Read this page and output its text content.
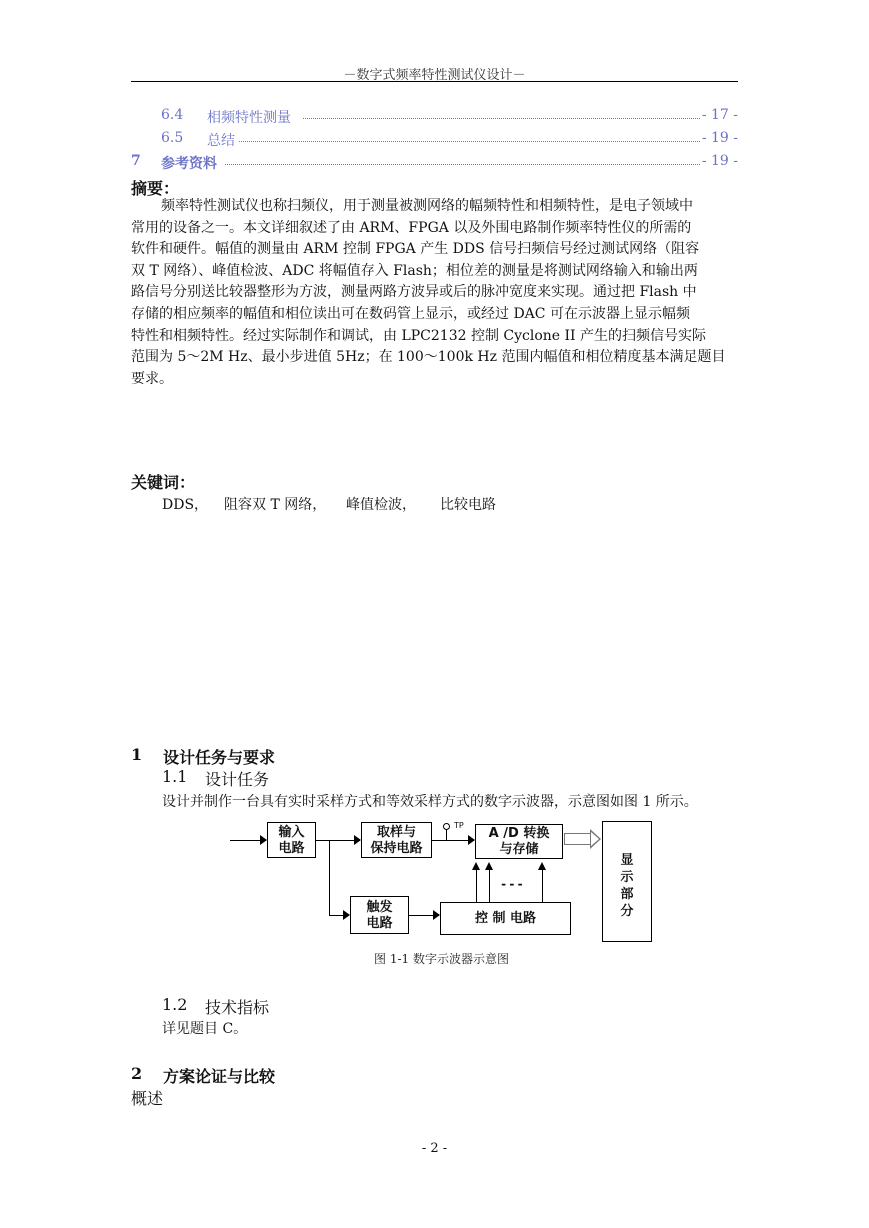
－数字式频率特性测试仪设计－
6.4 相频特性测量	- 17 -
6.5 总结	- 19 -
7 参考资料	- 19 -
摘要：
频率特性测试仪也称扫频仪，用于测量被测网络的幅频特性和相频特性，是电子领域中
常用的设备之一。本文详细叙述了由 ARM、FPGA 以及外围电路制作频率特性仪的所需的
软件和硬件。幅值的测量由 ARM 控制 FPGA 产生 DDS 信号扫频信号经过测试网络（阻容
双 T 网络）、峰值检波、ADC 将幅值存入 Flash；相位差的测量是将测试网络输入和输出两
路信号分别送比较器整形为方波，测量两路方波异或后的脉冲宽度来实现。通过把 Flash 中
存储的相应频率的幅值和相位读出可在数码管上显示，或经过 DAC 可在示波器上显示幅频
特性和相频特性。经过实际制作和调试，由 LPC2132 控制 Cyclone II 产生的扫频信号实际
范围为 5～2M Hz、最小步进值 5Hz；在 100～100k Hz 范围内幅值和相位精度基本满足题目
要求。
关键词：
DDS， 阻容双 T 网络， 峰值检波， 比较电路
1 设计任务与要求
1.1 设计任务
设计并制作一台具有实时采样方式和等效采样方式的数字示波器，示意图如图 1 所示。
输入
电路
取样与
保持电路
TP
A /D 转换
与存储
显
示
部
分
触发
电路	控 制 电路
---
图 1-1 数字示波器示意图
1.2 技术指标
详见题目 C。
2 方案论证与比较
概述
- 2 -
